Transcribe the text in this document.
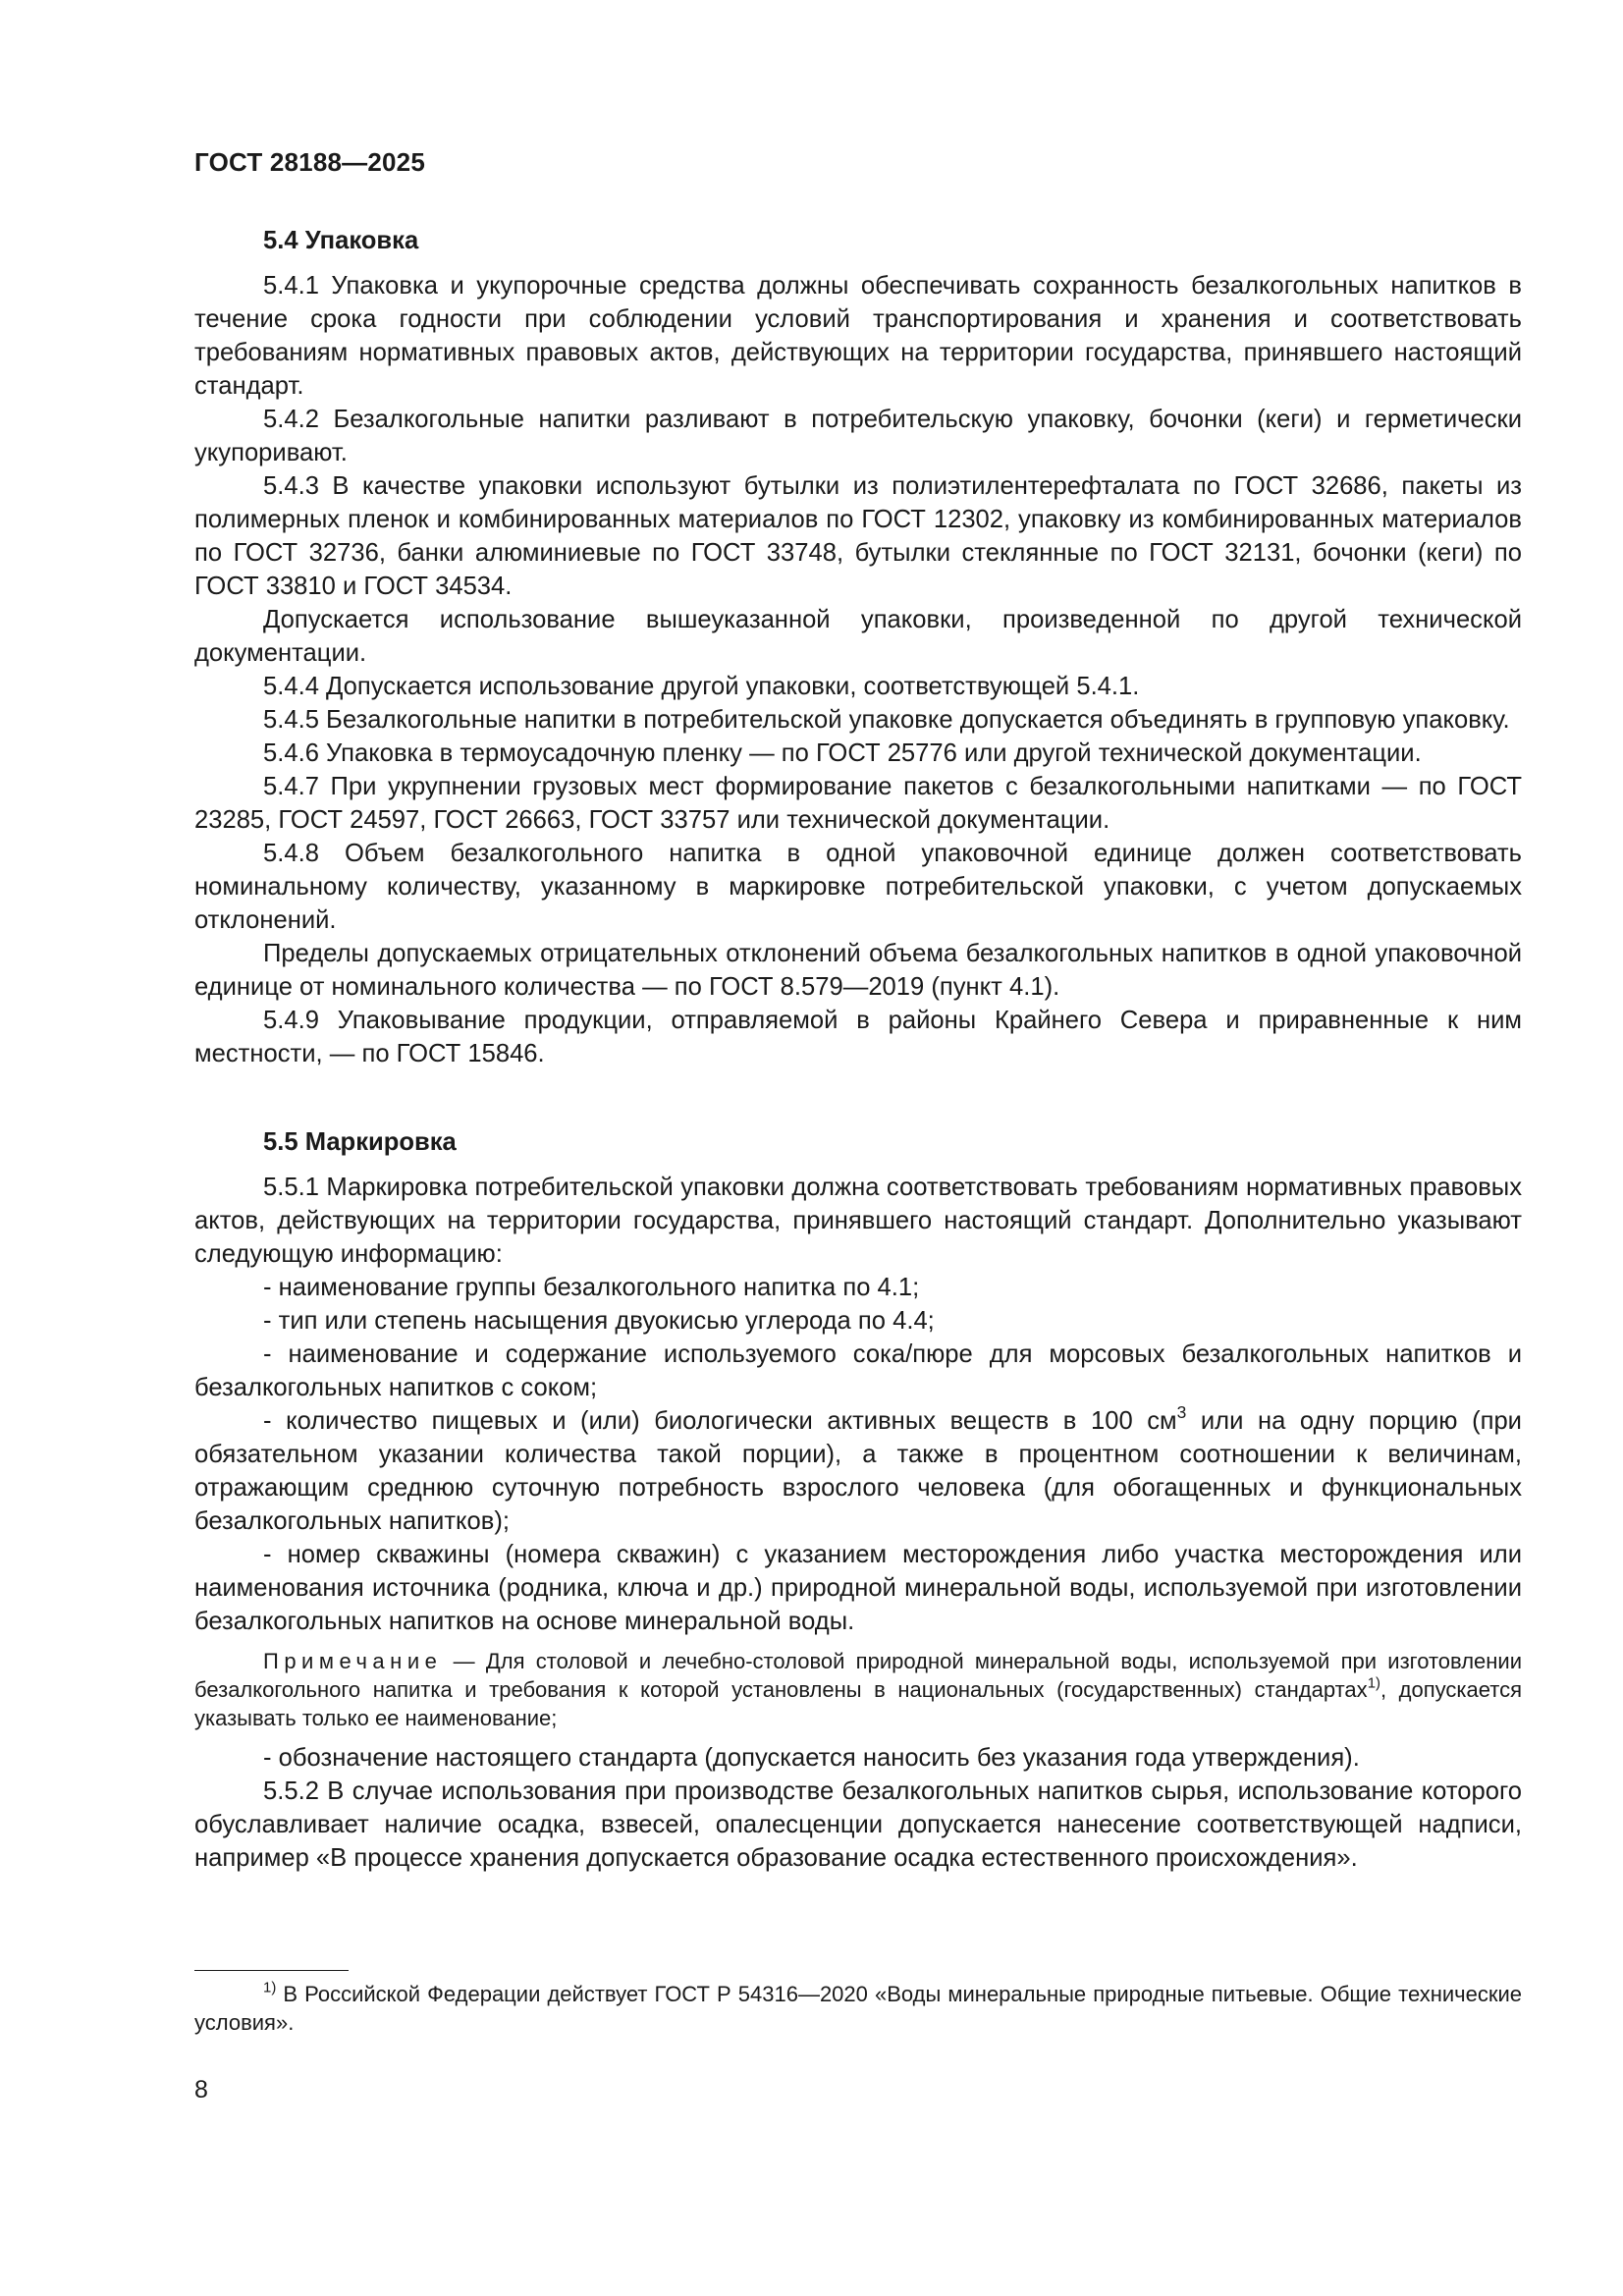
ГОСТ 28188—2025
5.4 Упаковка

5.4.1 Упаковка и укупорочные средства должны обеспечивать сохранность безалкогольных напитков в течение срока годности при соблюдении условий транспортирования и хранения и соответствовать требованиям нормативных правовых актов, действующих на территории государства, принявшего настоящий стандарт.

5.4.2 Безалкогольные напитки разливают в потребительскую упаковку, бочонки (кеги) и герметически укупоривают.

5.4.3 В качестве упаковки используют бутылки из полиэтилентерефталата по ГОСТ 32686, пакеты из полимерных пленок и комбинированных материалов по ГОСТ 12302, упаковку из комбинированных материалов по ГОСТ 32736, банки алюминиевые по ГОСТ 33748, бутылки стеклянные по ГОСТ 32131, бочонки (кеги) по ГОСТ 33810 и ГОСТ 34534.

Допускается использование вышеуказанной упаковки, произведенной по другой технической документации.

5.4.4 Допускается использование другой упаковки, соответствующей 5.4.1.

5.4.5 Безалкогольные напитки в потребительской упаковке допускается объединять в групповую упаковку.

5.4.6 Упаковка в термоусадочную пленку — по ГОСТ 25776 или другой технической документации.

5.4.7 При укрупнении грузовых мест формирование пакетов с безалкогольными напитками — по ГОСТ 23285, ГОСТ 24597, ГОСТ 26663, ГОСТ 33757 или технической документации.

5.4.8 Объем безалкогольного напитка в одной упаковочной единице должен соответствовать номинальному количеству, указанному в маркировке потребительской упаковки, с учетом допускаемых отклонений.

Пределы допускаемых отрицательных отклонений объема безалкогольных напитков в одной упаковочной единице от номинального количества — по ГОСТ 8.579—2019 (пункт 4.1).

5.4.9 Упаковывание продукции, отправляемой в районы Крайнего Севера и приравненные к ним местности, — по ГОСТ 15846.

5.5 Маркировка

5.5.1 Маркировка потребительской упаковки должна соответствовать требованиям нормативных правовых актов, действующих на территории государства, принявшего настоящий стандарт. Дополнительно указывают следующую информацию:

- наименование группы безалкогольного напитка по 4.1;

- тип или степень насыщения двуокисью углерода по 4.4;

- наименование и содержание используемого сока/пюре для морсовых безалкогольных напитков и безалкогольных напитков с соком;

- количество пищевых и (или) биологически активных веществ в 100 $см^3$ или на одну порцию (при обязательном указании количества такой порции), а также в процентном соотношении к величинам, отражающим среднюю суточную потребность взрослого человека (для обогащенных и функциональных безалкогольных напитков);

- номер скважины (номера скважин) с указанием месторождения либо участка месторождения или наименования источника (родника, ключа и др.) природной минеральной воды, используемой при изготовлении безалкогольных напитков на основе минеральной воды.

Примечание — Для столовой и лечебно-столовой природной минеральной воды, используемой при изготовлении безалкогольного напитка и требования к которой установлены в национальных (государственных) стандартах$^{1)}$, допускается указывать только ее наименование;

- обозначение настоящего стандарта (допускается наносить без указания года утверждения).

5.5.2 В случае использования при производстве безалкогольных напитков сырья, использование которого обуславливает наличие осадка, взвесей, опалесценции допускается нанесение соответствующей надписи, например «В процессе хранения допускается образование осадка естественного происхождения».

$^{1)}$ В Российской Федерации действует ГОСТ Р 54316—2020 «Воды минеральные природные питьевые. Общие технические условия».
8
